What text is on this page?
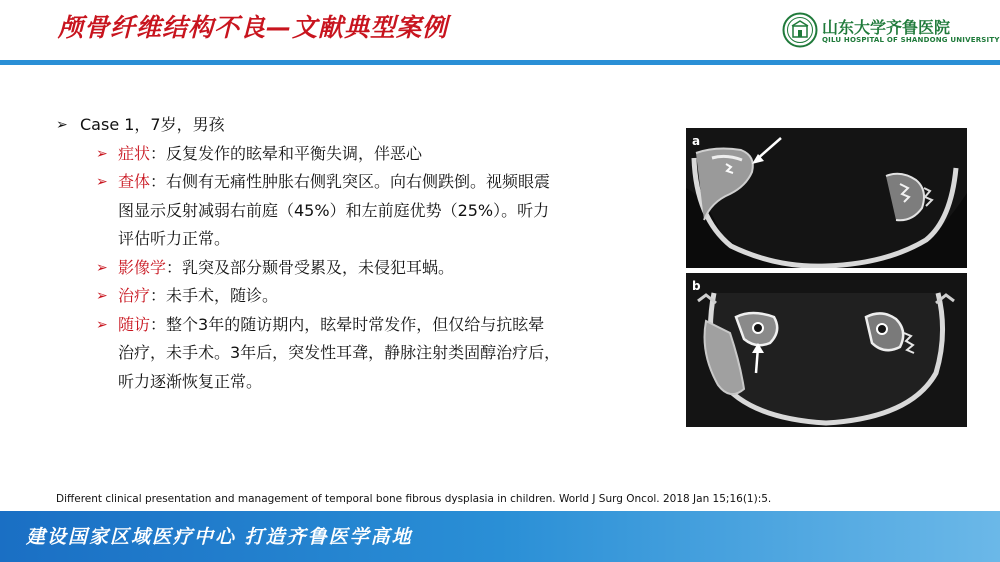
颅骨纤维结构不良—文献典型案例	山东大学齐鲁医院
QILU HOSPITAL OF SHANDONG UNIVERSITY
➢ Case 1，7岁，男孩
➢ 症状：反复发作的眩晕和平衡失调，伴恶心
➢ 查体：右侧有无痛性肿胀右侧乳突区。向右侧跌倒。视频眼震
图显示反射减弱右前庭（45%）和左前庭优势（25%）。听力
评估听力正常。
➢ 影像学：乳突及部分颞骨受累及，未侵犯耳蜗。
➢ 治疗：未手术，随诊。
➢ 随访：整个3年的随访期内，眩晕时常发作，但仅给与抗眩晕
治疗，未手术。3年后，突发性耳聋，静脉注射类固醇治疗后，
听力逐渐恢复正常。
a
b
Different clinical presentation and management of temporal bone fibrous dysplasia in children. World J Surg Oncol. 2018 Jan 15;16(1):5.
建设国家区域医疗中心 打造齐鲁医学高地
